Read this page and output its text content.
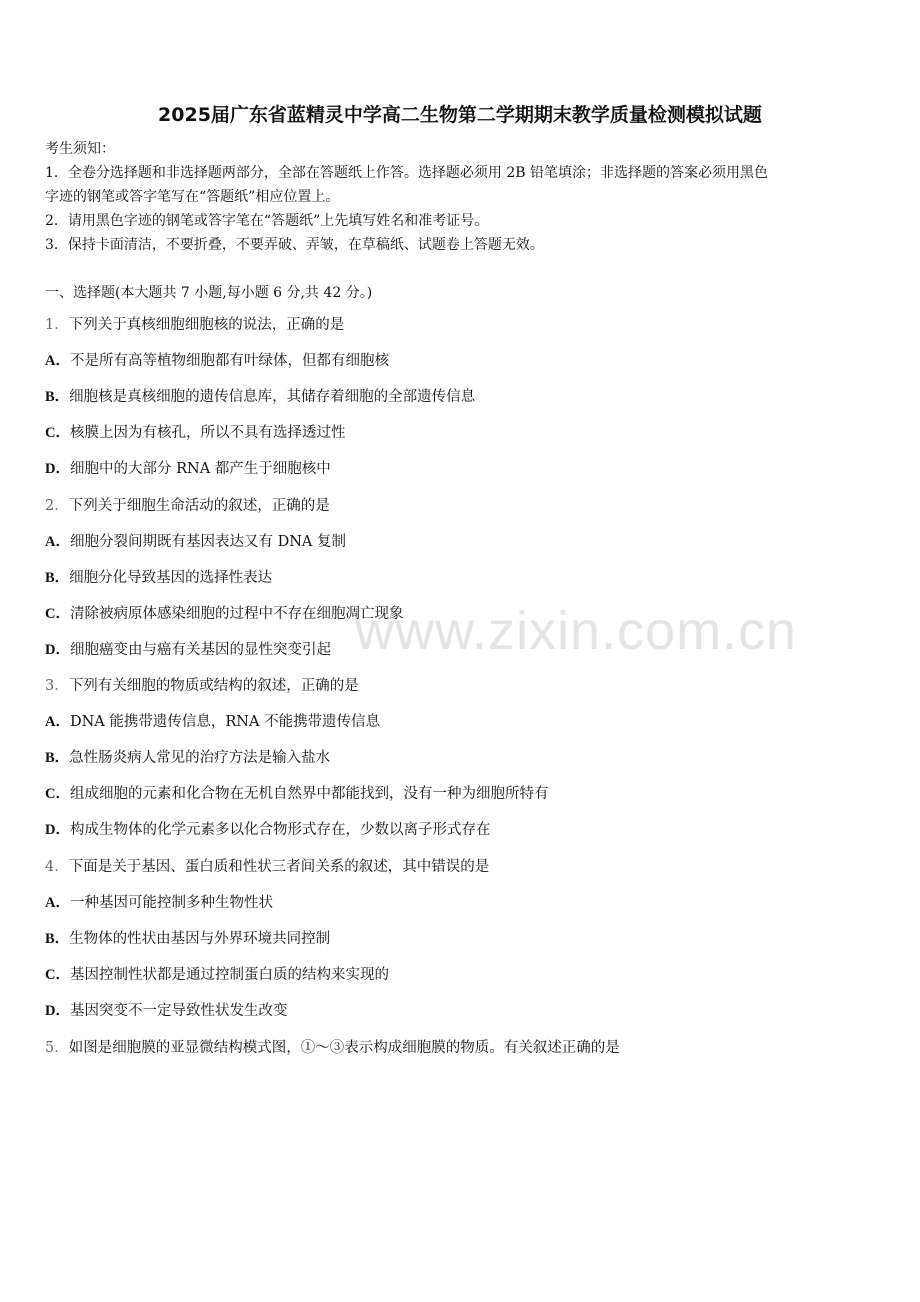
www.zixin.com.cn
2025届广东省蓝精灵中学高二生物第二学期期末教学质量检测模拟试题
考生须知：
1．全卷分选择题和非选择题两部分，全部在答题纸上作答。选择题必须用 2B 铅笔填涂；非选择题的答案必须用黑色
字迹的钢笔或答字笔写在“答题纸”相应位置上。
2．请用黑色字迹的钢笔或答字笔在“答题纸”上先填写姓名和准考证号。
3．保持卡面清洁，不要折叠，不要弄破、弄皱，在草稿纸、试题卷上答题无效。
一、选择题(本大题共 7 小题,每小题 6 分,共 42 分。)
1．下列关于真核细胞细胞核的说法，正确的是
A．不是所有高等植物细胞都有叶绿体，但都有细胞核
B．细胞核是真核细胞的遗传信息库，其储存着细胞的全部遗传信息
C．核膜上因为有核孔，所以不具有选择透过性
D．细胞中的大部分 RNA 都产生于细胞核中
2．下列关于细胞生命活动的叙述，正确的是
A．细胞分裂间期既有基因表达又有 DNA 复制
B．细胞分化导致基因的选择性表达
C．清除被病原体感染细胞的过程中不存在细胞凋亡现象
D．细胞癌变由与癌有关基因的显性突变引起
3．下列有关细胞的物质或结构的叙述，正确的是
A．DNA 能携带遗传信息，RNA 不能携带遗传信息
B．急性肠炎病人常见的治疗方法是输入盐水
C．组成细胞的元素和化合物在无机自然界中都能找到，没有一种为细胞所特有
D．构成生物体的化学元素多以化合物形式存在，少数以离子形式存在
4．下面是关于基因、蛋白质和性状三者间关系的叙述，其中错误的是
A．一种基因可能控制多种生物性状
B．生物体的性状由基因与外界环境共同控制
C．基因控制性状都是通过控制蛋白质的结构来实现的
D．基因突变不一定导致性状发生改变
5．如图是细胞膜的亚显微结构模式图，①～③表示构成细胞膜的物质。有关叙述正确的是
